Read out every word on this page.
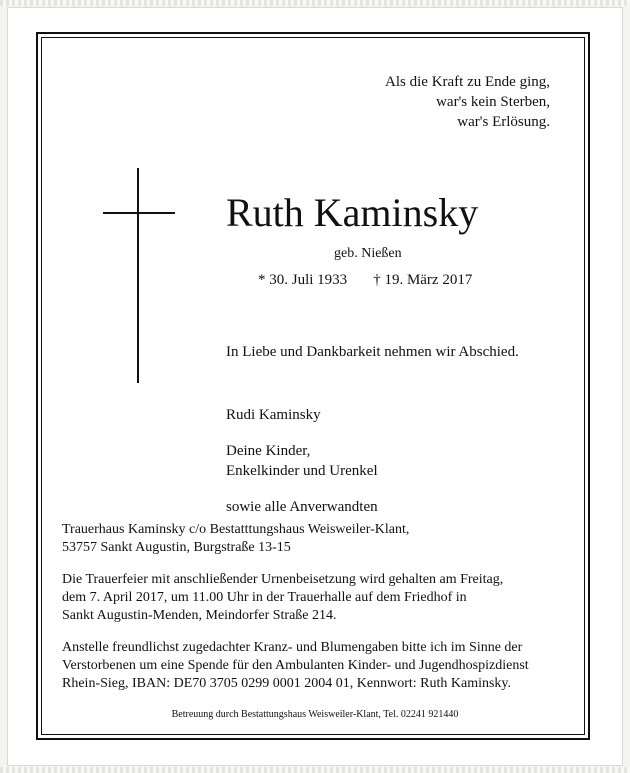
Als die Kraft zu Ende ging,
war's kein Sterben,
war's Erlösung.
Ruth Kaminsky
geb. Nießen
* 30. Juli 1933 † 19. März 2017
In Liebe und Dankbarkeit nehmen wir Abschied.
Rudi Kaminsky
Deine Kinder,
Enkelkinder und Urenkel
sowie alle Anverwandten

Trauerhaus Kaminsky c/o Bestatttungshaus Weisweiler-Klant,
53757 Sankt Augustin, Burgstraße 13-15

Die Trauerfeier mit anschließender Urnenbeisetzung wird gehalten am Freitag,
dem 7. April 2017, um 11.00 Uhr in der Trauerhalle auf dem Friedhof in
Sankt Augustin-Menden, Meindorfer Straße 214.

Anstelle freundlichst zugedachter Kranz- und Blumengaben bitte ich im Sinne der
Verstorbenen um eine Spende für den Ambulanten Kinder- und Jugendhospizdienst
Rhein-Sieg, IBAN: DE70 3705 0299 0001 2004 01, Kennwort: Ruth Kaminsky.

Betreuung durch Bestattungshaus Weisweiler-Klant, Tel. 02241 921440
